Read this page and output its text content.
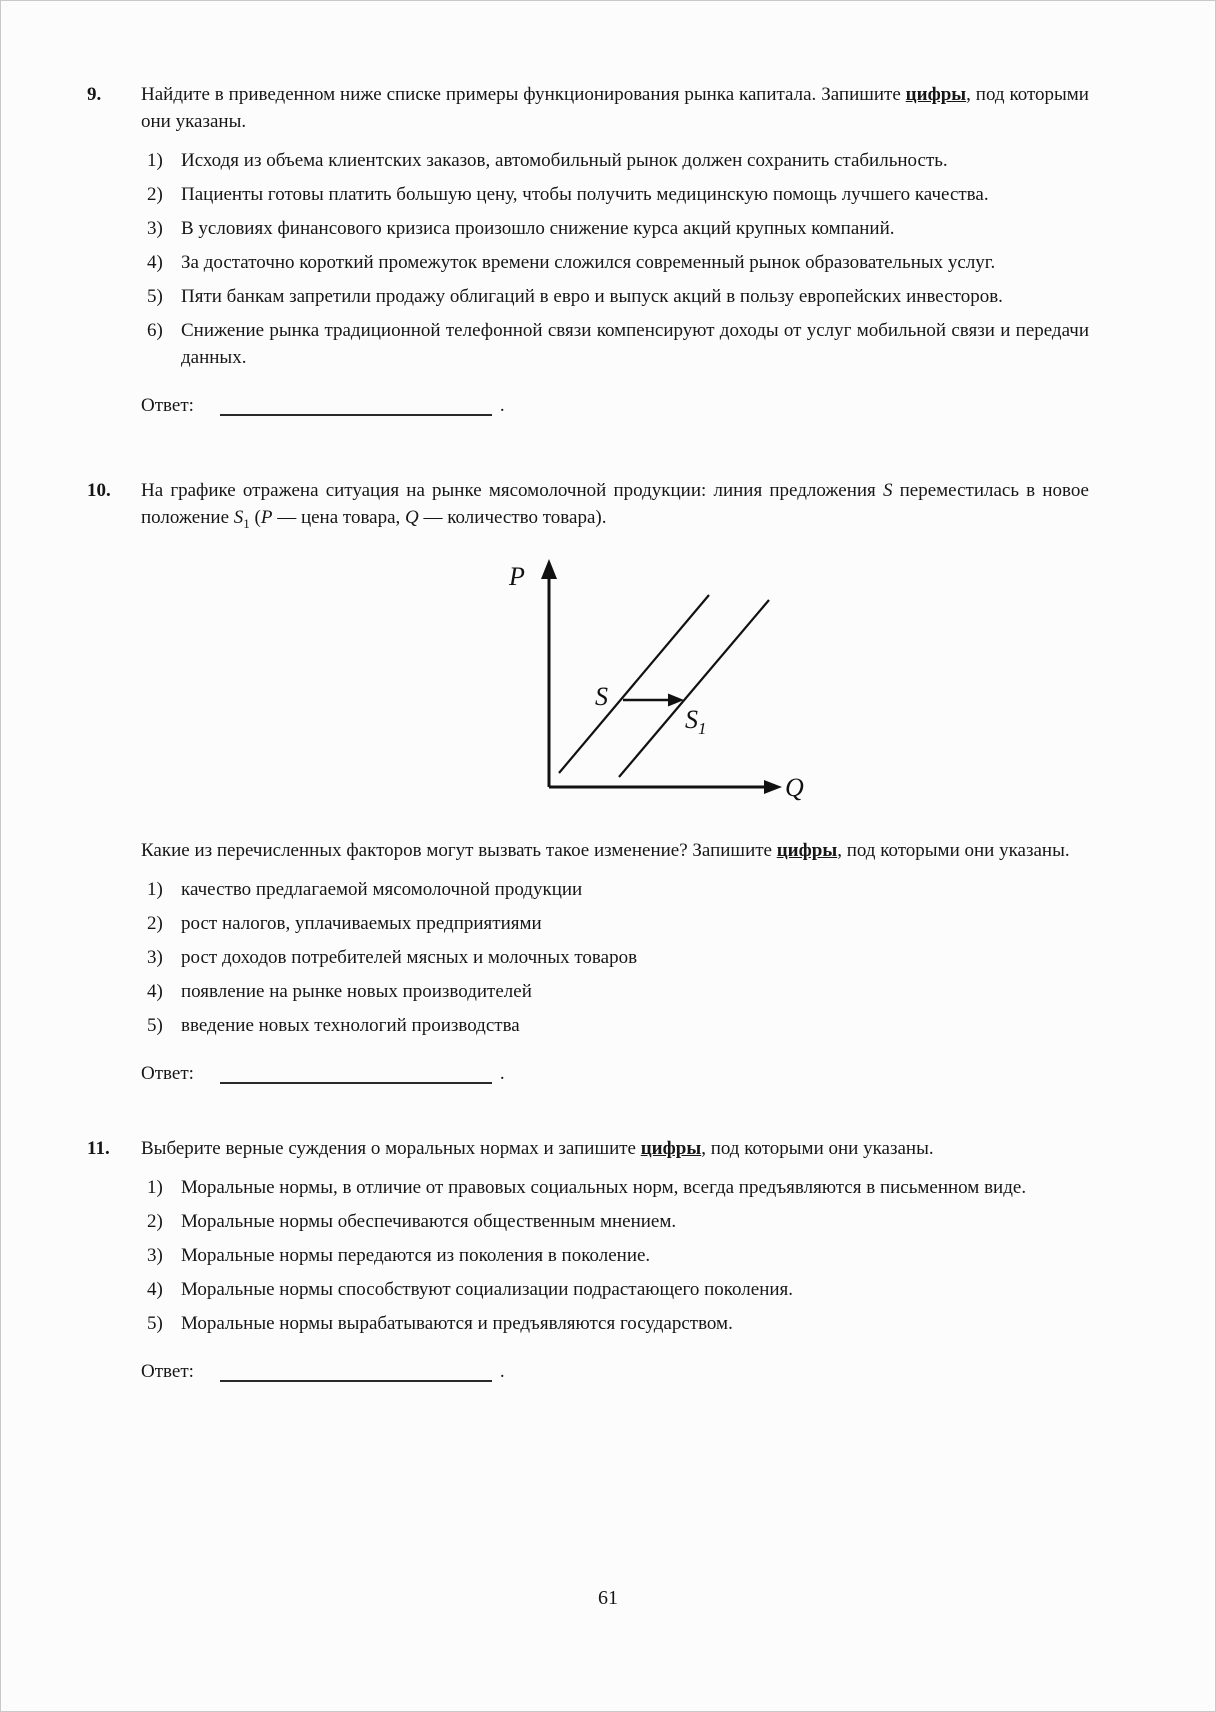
9.	Найдите в приведенном ниже списке примеры функционирования рынка капитала. Запишите цифры, под которыми они указаны.
1) Исходя из объема клиентских заказов, автомобильный рынок должен сохранить стабильность.
2) Пациенты готовы платить большую цену, чтобы получить медицинскую помощь лучшего качества.
3) В условиях финансового кризиса произошло снижение курса акций крупных компаний.
4) За достаточно короткий промежуток времени сложился современный рынок образовательных услуг.
5) Пяти банкам запретили продажу облигаций в евро и выпуск акций в пользу европейских инвесторов.
6) Снижение рынка традиционной телефонной связи компенсируют доходы от услуг мобильной связи и передачи данных.
Ответ:	.
10.	На графике отражена ситуация на рынке мясомолочной продукции: линия предложения S переместилась в новое положение $S_1$ (P — цена товара, Q — количество товара).
P
Q
S
$S_1$
Какие из перечисленных факторов могут вызвать такое изменение? Запишите цифры, под которыми они указаны.
1) качество предлагаемой мясомолочной продукции
2) рост налогов, уплачиваемых предприятиями
3) рост доходов потребителей мясных и молочных товаров
4) появление на рынке новых производителей
5) введение новых технологий производства
Ответ:	.
11.	Выберите верные суждения о моральных нормах и запишите цифры, под которыми они указаны.
1) Моральные нормы, в отличие от правовых социальных норм, всегда предъявляются в письменном виде.
2) Моральные нормы обеспечиваются общественным мнением.
3) Моральные нормы передаются из поколения в поколение.
4) Моральные нормы способствуют социализации подрастающего поколения.
5) Моральные нормы вырабатываются и предъявляются государством.
Ответ:	.
61
